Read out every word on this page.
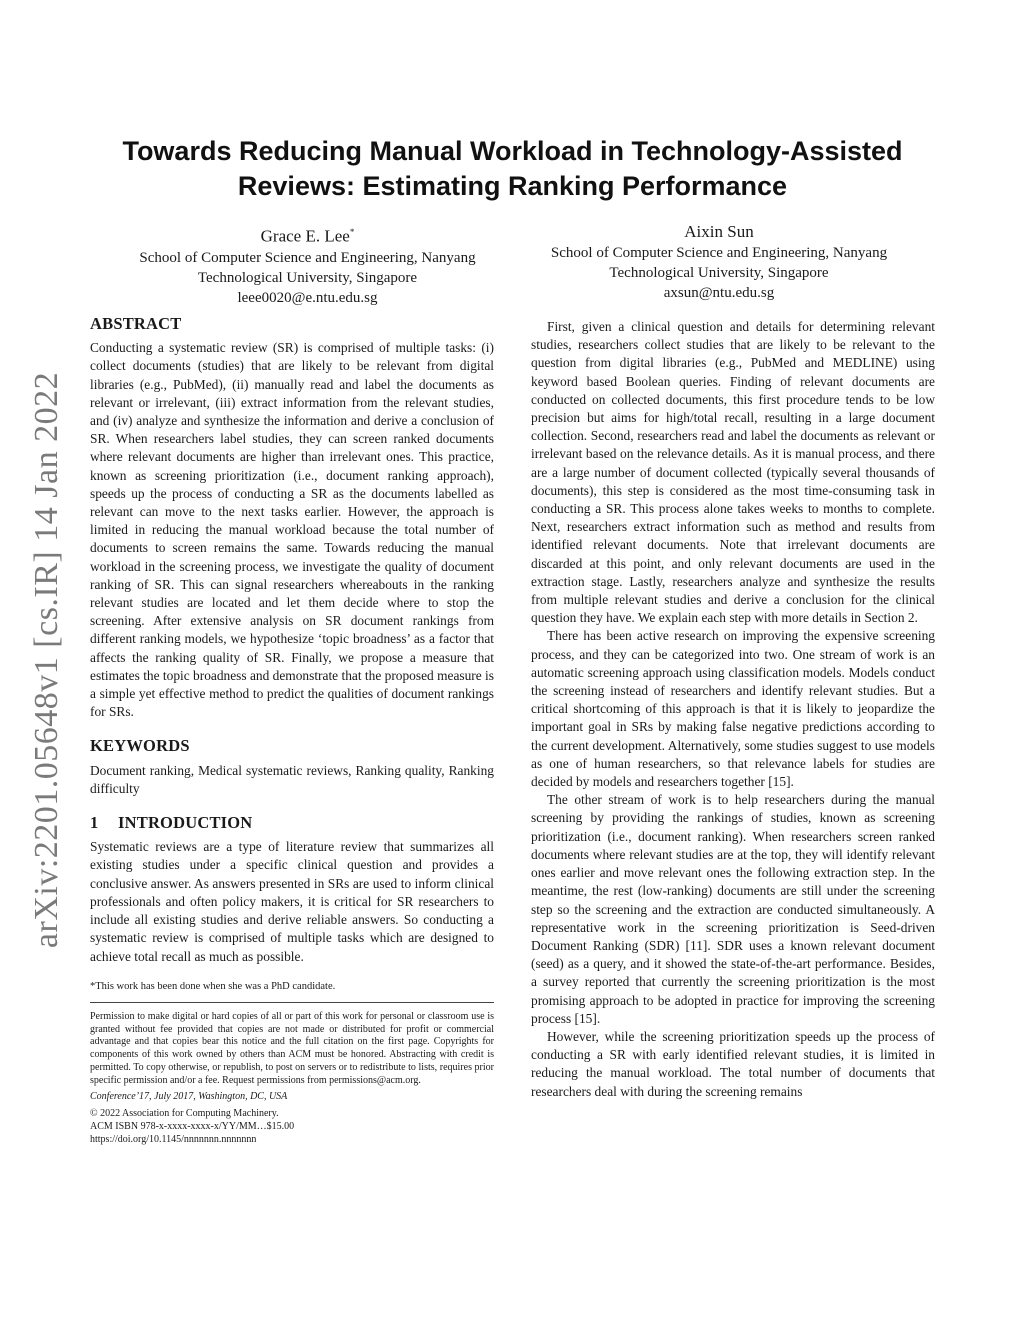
arXiv:2201.05648v1 [cs.IR] 14 Jan 2022
Towards Reducing Manual Workload in Technology-Assisted
Reviews: Estimating Ranking Performance
Grace E. Lee*
School of Computer Science and Engineering, Nanyang
Technological University, Singapore
leee0020@e.ntu.edu.sg
Aixin Sun
School of Computer Science and Engineering, Nanyang
Technological University, Singapore
axsun@ntu.edu.sg
ABSTRACT

Conducting a systematic review (SR) is comprised of multiple tasks: (i) collect documents (studies) that are likely to be relevant from digital libraries (e.g., PubMed), (ii) manually read and label the documents as relevant or irrelevant, (iii) extract information from the relevant studies, and (iv) analyze and synthesize the information and derive a conclusion of SR. When researchers label studies, they can screen ranked documents where relevant documents are higher than irrelevant ones. This practice, known as screening prioritization (i.e., document ranking approach), speeds up the process of conducting a SR as the documents labelled as relevant can move to the next tasks earlier. However, the approach is limited in reducing the manual workload because the total number of documents to screen remains the same. Towards reducing the manual workload in the screening process, we investigate the quality of document ranking of SR. This can signal researchers whereabouts in the ranking relevant studies are located and let them decide where to stop the screening. After extensive analysis on SR document rankings from different ranking models, we hypothesize ‘topic broadness’ as a factor that affects the ranking quality of SR. Finally, we propose a measure that estimates the topic broadness and demonstrate that the proposed measure is a simple yet effective method to predict the qualities of document rankings for SRs.

KEYWORDS

Document ranking, Medical systematic reviews, Ranking quality, Ranking difficulty

1 INTRODUCTION

Systematic reviews are a type of literature review that summarizes all existing studies under a specific clinical question and provides a conclusive answer. As answers presented in SRs are used to inform clinical professionals and often policy makers, it is critical for SR researchers to include all existing studies and derive reliable answers. So conducting a systematic review is comprised of multiple tasks which are designed to achieve total recall as much as possible.

*This work has been done when she was a PhD candidate.

Permission to make digital or hard copies of all or part of this work for personal or classroom use is granted without fee provided that copies are not made or distributed for profit or commercial advantage and that copies bear this notice and the full citation on the first page. Copyrights for components of this work owned by others than ACM must be honored. Abstracting with credit is permitted. To copy otherwise, or republish, to post on servers or to redistribute to lists, requires prior specific permission and/or a fee. Request permissions from permissions@acm.org.

Conference’17, July 2017, Washington, DC, USA

© 2022 Association for Computing Machinery.

ACM ISBN 978-x-xxxx-xxxx-x/YY/MM…$15.00

https://doi.org/10.1145/nnnnnnn.nnnnnnn

First, given a clinical question and details for determining relevant studies, researchers collect studies that are likely to be relevant to the question from digital libraries (e.g., PubMed and MEDLINE) using keyword based Boolean queries. Finding of relevant documents are conducted on collected documents, this first procedure tends to be low precision but aims for high/total recall, resulting in a large document collection. Second, researchers read and label the documents as relevant or irrelevant based on the relevance details. As it is manual process, and there are a large number of document collected (typically several thousands of documents), this step is considered as the most time-consuming task in conducting a SR. This process alone takes weeks to months to complete. Next, researchers extract information such as method and results from identified relevant documents. Note that irrelevant documents are discarded at this point, and only relevant documents are used in the extraction stage. Lastly, researchers analyze and synthesize the results from multiple relevant studies and derive a conclusion for the clinical question they have. We explain each step with more details in Section 2.

There has been active research on improving the expensive screening process, and they can be categorized into two. One stream of work is an automatic screening approach using classification models. Models conduct the screening instead of researchers and identify relevant studies. But a critical shortcoming of this approach is that it is likely to jeopardize the important goal in SRs by making false negative predictions according to the current development. Alternatively, some studies suggest to use models as one of human researchers, so that relevance labels for studies are decided by models and researchers together [15].

The other stream of work is to help researchers during the manual screening by providing the rankings of studies, known as screening prioritization (i.e., document ranking). When researchers screen ranked documents where relevant studies are at the top, they will identify relevant ones earlier and move relevant ones the following extraction step. In the meantime, the rest (low-ranking) documents are still under the screening step so the screening and the extraction are conducted simultaneously. A representative work in the screening prioritization is Seed-driven Document Ranking (SDR) [11]. SDR uses a known relevant document (seed) as a query, and it showed the state-of-the-art performance. Besides, a survey reported that currently the screening prioritization is the most promising approach to be adopted in practice for improving the screening process [15].

However, while the screening prioritization speeds up the process of conducting a SR with early identified relevant studies, it is limited in reducing the manual workload. The total number of documents that researchers deal with during the screening remains
